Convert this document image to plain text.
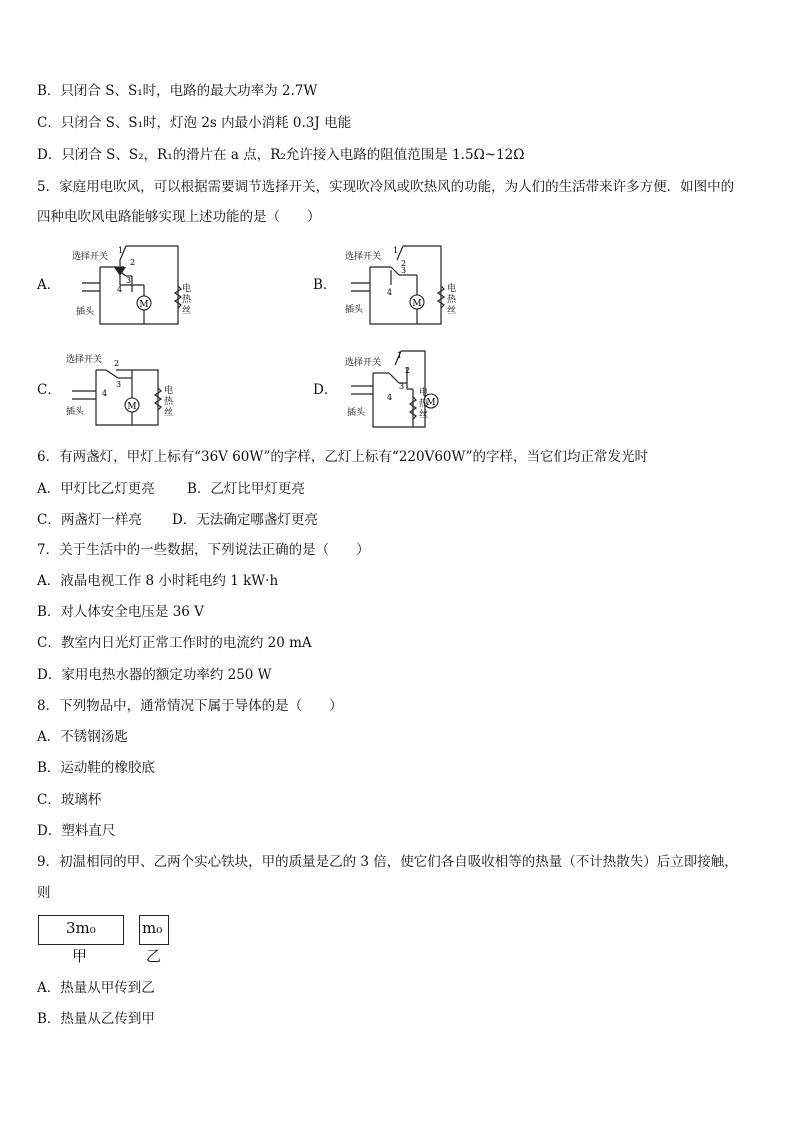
B．只闭合 S、S₁时，电路的最大功率为 2.7W
C．只闭合 S、S₁时，灯泡 2s 内最小消耗 0.3J 电能
D．只闭合 S、S₂，R₁的滑片在 a 点，R₂允许接入电路的阻值范围是 1.5Ω~12Ω
5．家庭用电吹风，可以根据需要调节选择开关，实现吹冷风或吹热风的功能，为人们的生活带来许多方便．如图中的
四种电吹风电路能够实现上述功能的是（　　）
A．
M
选择开关
插头
1
2
3
4	电
热
丝
B．
M
选择开关
插头
1
2
3
4	电
热
丝
C．
M
选择开关
插头
2
3
4	电
热
丝
D．
M
选择开关
插头
1
2
3
4	电
热
丝
6．有两盏灯，甲灯上标有“36V 60W”的字样，乙灯上标有“220V60W”的字样，当它们均正常发光时
A．甲灯比乙灯更亮 B．乙灯比甲灯更亮
C．两盏灯一样亮 D．无法确定哪盏灯更亮
7．关于生活中的一些数据，下列说法正确的是（　　）
A．液晶电视工作 8 小时耗电约 1 kW·h
B．对人体安全电压是 36 V
C．教室内日光灯正常工作时的电流约 20 mA
D．家用电热水器的额定功率约 250 W
8．下列物品中，通常情况下属于导体的是（　　）
A．不锈钢汤匙
B．运动鞋的橡胶底
C．玻璃杯
D．塑料直尺
9．初温相同的甲、乙两个实心铁块，甲的质量是乙的 3 倍，使它们各自吸收相等的热量（不计热散失）后立即接触，
则
3m₀	m₀
甲	乙
A．热量从甲传到乙
B．热量从乙传到甲
